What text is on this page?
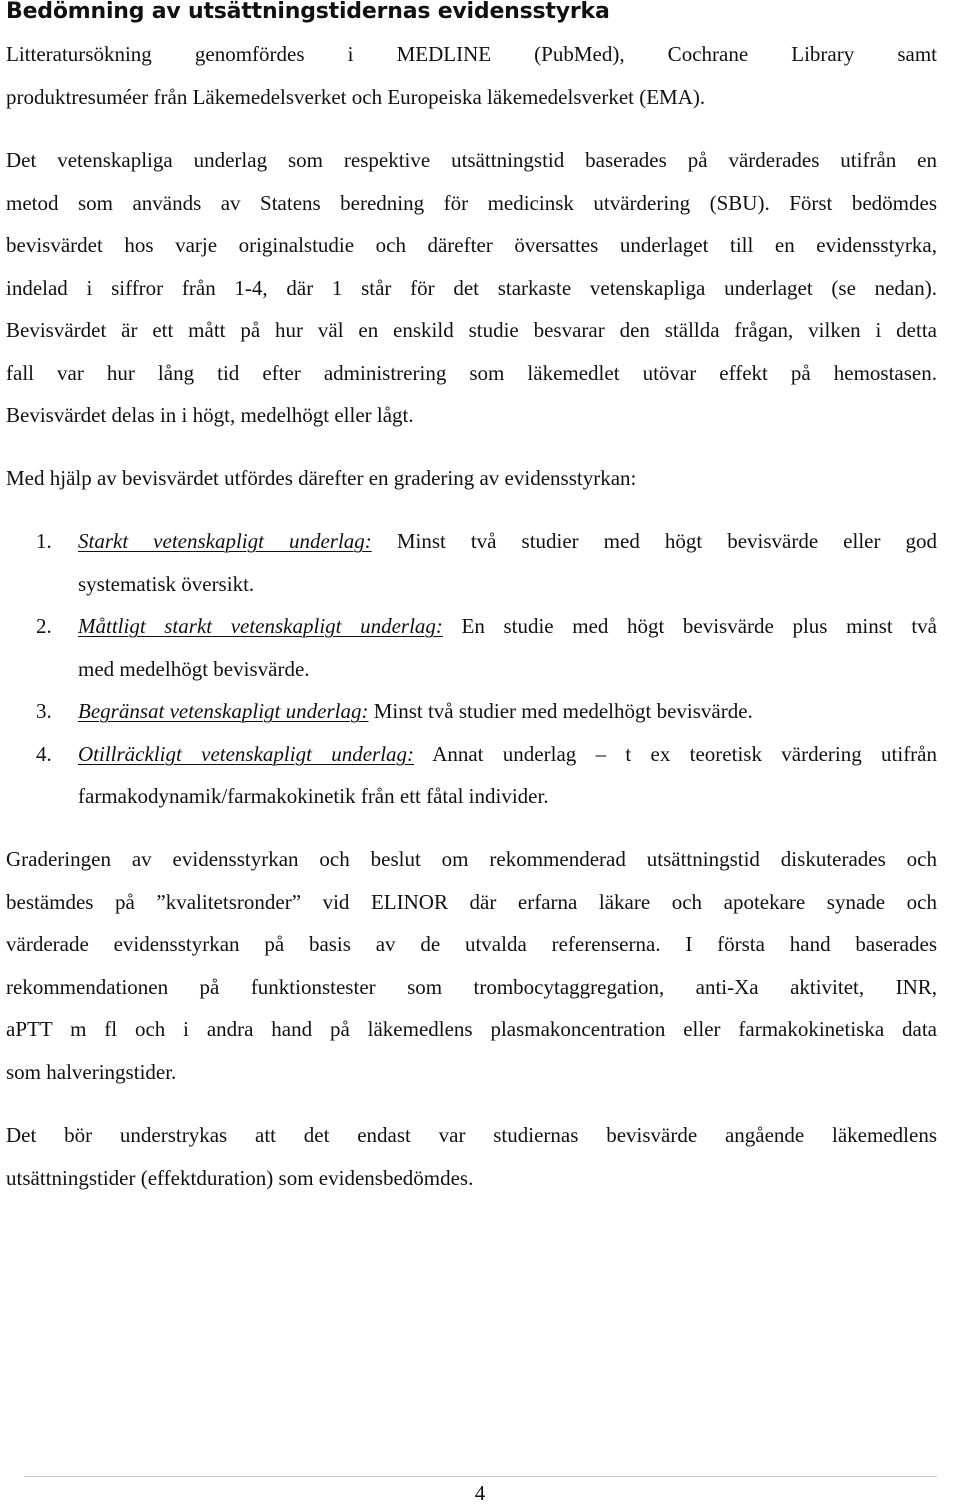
Bedömning av utsättningstidernas evidensstyrka
Litteratursökning genomfördes i MEDLINE (PubMed), Cochrane Library samt
produktresuméer från Läkemedelsverket och Europeiska läkemedelsverket (EMA).
Det vetenskapliga underlag som respektive utsättningstid baserades på värderades utifrån en
metod som används av Statens beredning för medicinsk utvärdering (SBU). Först bedömdes
bevisvärdet hos varje originalstudie och därefter översattes underlaget till en evidensstyrka,
indelad i siffror från 1-4, där 1 står för det starkaste vetenskapliga underlaget (se nedan).
Bevisvärdet är ett mått på hur väl en enskild studie besvarar den ställda frågan, vilken i detta
fall var hur lång tid efter administrering som läkemedlet utövar effekt på hemostasen.
Bevisvärdet delas in i högt, medelhögt eller lågt.
Med hjälp av bevisvärdet utfördes därefter en gradering av evidensstyrkan:
1. Starkt vetenskapligt underlag: Minst två studier med högt bevisvärde eller god
systematisk översikt.
2. Måttligt starkt vetenskapligt underlag: En studie med högt bevisvärde plus minst två
med medelhögt bevisvärde.
3. Begränsat vetenskapligt underlag: Minst två studier med medelhögt bevisvärde.
4. Otillräckligt vetenskapligt underlag: Annat underlag – t ex teoretisk värdering utifrån
farmakodynamik/farmakokinetik från ett fåtal individer.
Graderingen av evidensstyrkan och beslut om rekommenderad utsättningstid diskuterades och
bestämdes på ”kvalitetsronder” vid ELINOR där erfarna läkare och apotekare synade och
värderade evidensstyrkan på basis av de utvalda referenserna. I första hand baserades
rekommendationen på funktionstester som trombocytaggregation, anti-Xa aktivitet, INR,
aPTT m fl och i andra hand på läkemedlens plasmakoncentration eller farmakokinetiska data
som halveringstider.
Det bör understrykas att det endast var studiernas bevisvärde angående läkemedlens
utsättningstider (effektduration) som evidensbedömdes.
4
